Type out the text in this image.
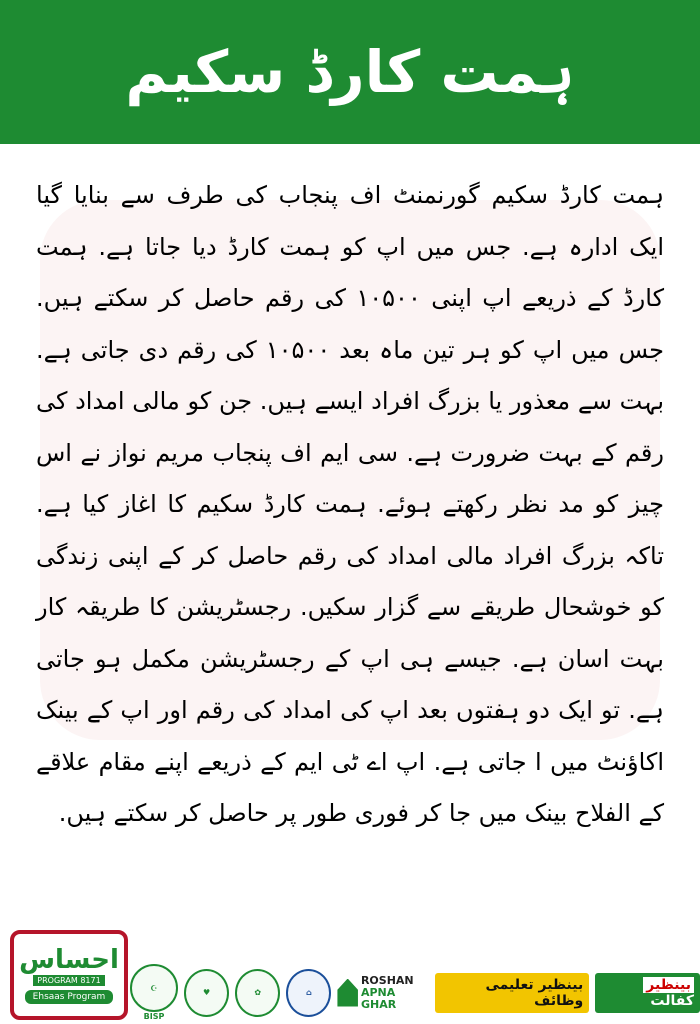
ہمت کارڈ سکیم

ہمت کارڈ سکیم گورنمنٹ اف پنجاب کی طرف سے بنایا گیا ایک ادارہ ہے. جس میں اپ کو ہمت کارڈ دیا جاتا ہے. ہمت کارڈ کے ذریعے اپ اپنی ۱۰۵۰۰ کی رقم حاصل کر سکتے ہیں. جس میں اپ کو ہر تین ماہ بعد ۱۰۵۰۰ کی رقم دی جاتی ہے. بہت سے معذور یا بزرگ افراد ایسے ہیں. جن کو مالی امداد کی رقم کے بہت ضرورت ہے. سی ایم اف پنجاب مریم نواز نے اس چیز کو مد نظر رکھتے ہوئے. ہمت کارڈ سکیم کا اغاز کیا ہے. تاکہ بزرگ افراد مالی امداد کی رقم حاصل کر کے اپنی زندگی کو خوشحال طریقے سے گزار سکیں. رجسٹریشن کا طریقہ کار بہت اسان ہے. جیسے ہی اپ کے رجسٹریشن مکمل ہو جاتی ہے. تو ایک دو ہفتوں بعد اپ کی امداد کی رقم اور اپ کے بینک اکاؤنٹ میں ا جاتی ہے. اپ اے ٹی ایم کے ذریعے اپنے مقام علاقے کے الفلاح بینک میں جا کر فوری طور پر حاصل کر سکتے ہیں.

احساس
PROGRAM 8171
Ehsaas Program
☪
BISP
♥	✿	⌂
ROSHAN
APNA GHAR
بینظیر تعلیمی وظائف
بینظیر کفالت
